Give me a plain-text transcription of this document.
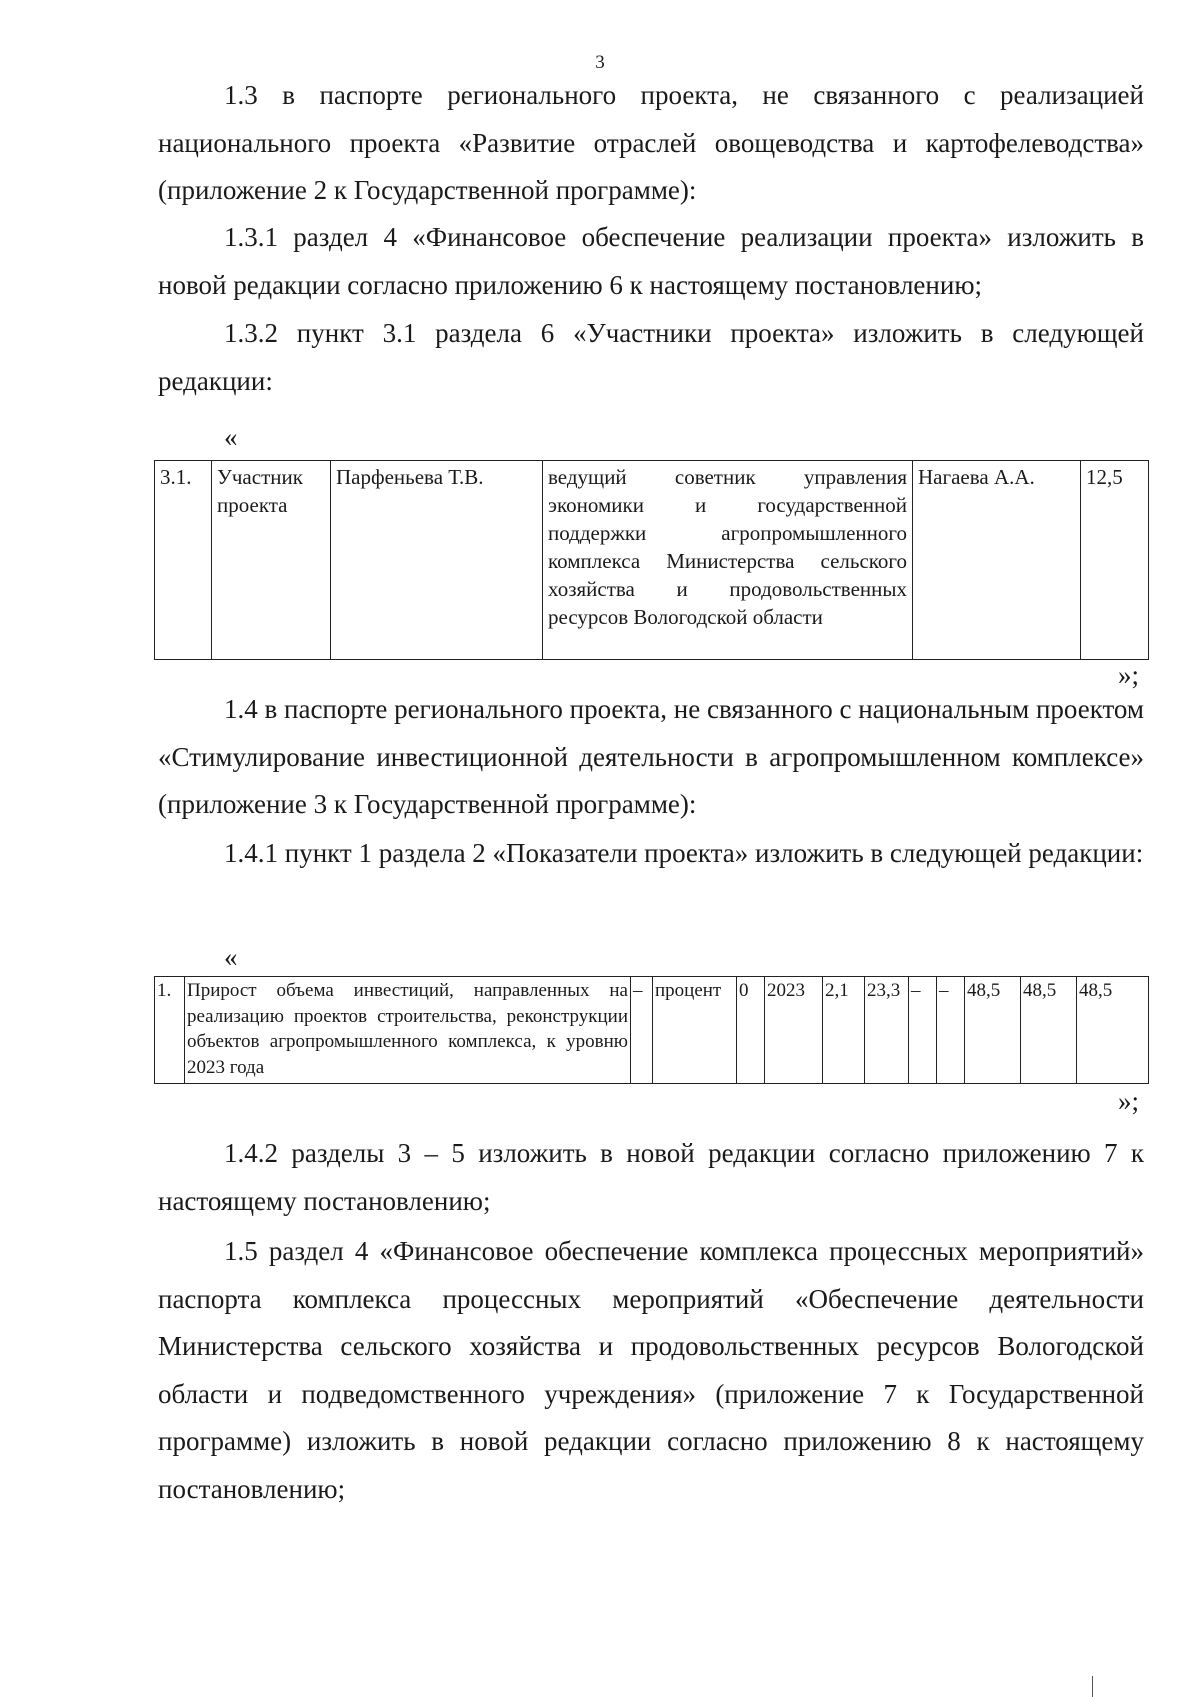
3

1.3 в паспорте регионального проекта, не связанного с реализацией национального проекта «Развитие отраслей овощеводства и картофелеводства» (приложение 2 к Государственной программе):

1.3.1 раздел 4 «Финансовое обеспечение реализации проекта» изложить в новой редакции согласно приложению 6 к настоящему постановлению;

1.3.2 пункт 3.1 раздела 6 «Участники проекта» изложить в следующей редакции:

«
3.1.	Участник проекта	Парфеньева Т.В.	ведущий советник управления экономики и государственной поддержки агропромышленного комплекса Министерства сельского хозяйства и продовольственных ресурсов Вологодской области	Нагаева А.А.	12,5
»;

1.4 в паспорте регионального проекта, не связанного с национальным проектом «Стимулирование инвестиционной деятельности в агропромышленном комплексе» (приложение 3 к Государственной программе):

1.4.1 пункт 1 раздела 2 «Показатели проекта» изложить в следующей редакции:

«
1.	Прирост объема инвестиций, направленных на реализацию проектов строительства, реконструкции объектов агропромышленного комплекса, к уровню 2023 года	–	процент	0	2023	2,1	23,3	–	–	48,5	48,5	48,5
»;

1.4.2 разделы 3 – 5 изложить в новой редакции согласно приложению 7 к настоящему постановлению;

1.5 раздел 4 «Финансовое обеспечение комплекса процессных мероприятий» паспорта комплекса процессных мероприятий «Обеспечение деятельности Министерства сельского хозяйства и продовольственных ресурсов Вологодской области и подведомственного учреждения» (приложение 7 к Государственной программе) изложить в новой редакции согласно приложению 8 к настоящему постановлению;
